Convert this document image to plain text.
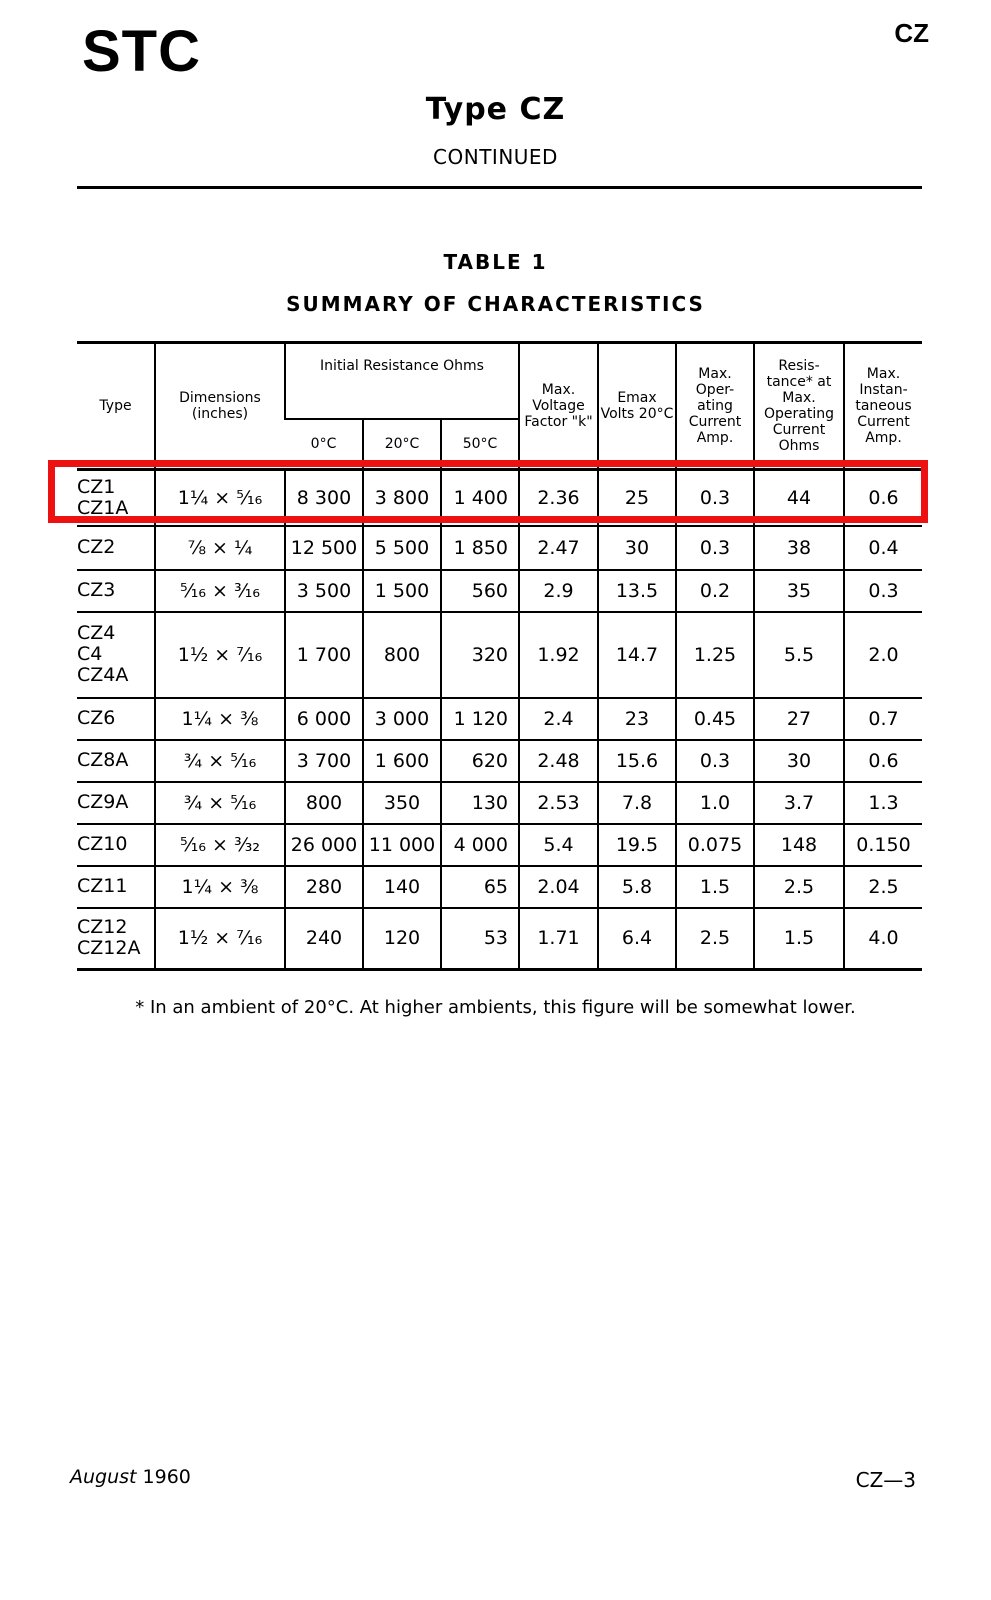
STC	CZ
Type CZ
CONTINUED
TABLE 1
SUMMARY OF CHARACTERISTICS
Type	Dimensions (inches)	Initial Resistance Ohms			Max. Voltage Factor "k"	Emax Volts 20°C	Max. Oper- ating Current Amp.	Resis- tance* at Max. Operating Current Ohms	Max. Instan- taneous Current Amp.
		0°C	20°C	50°C					
CZ1
CZ1A	1¼ × ⁵⁄₁₆	8 300	3 800	1 400	2.36	25	0.3	44	0.6
CZ2	⅞ × ¼	12 500	5 500	1 850	2.47	30	0.3	38	0.4
CZ3	⁵⁄₁₆ × ³⁄₁₆	3 500	1 500	560	2.9	13.5	0.2	35	0.3
CZ4
C4
CZ4A	1½ × ⁷⁄₁₆	1 700	800	320	1.92	14.7	1.25	5.5	2.0
CZ6	1¼ × ⅜	6 000	3 000	1 120	2.4	23	0.45	27	0.7
CZ8A	¾ × ⁵⁄₁₆	3 700	1 600	620	2.48	15.6	0.3	30	0.6
CZ9A	¾ × ⁵⁄₁₆	800	350	130	2.53	7.8	1.0	3.7	1.3
CZ10	⁵⁄₁₆ × ³⁄₃₂	26 000	11 000	4 000	5.4	19.5	0.075	148	0.150
CZ11	1¼ × ⅜	280	140	65	2.04	5.8	1.5	2.5	2.5
CZ12
CZ12A	1½ × ⁷⁄₁₆	240	120	53	1.71	6.4	2.5	1.5	4.0
* In an ambient of 20°C. At higher ambients, this figure will be somewhat lower.
August 1960	CZ—3
